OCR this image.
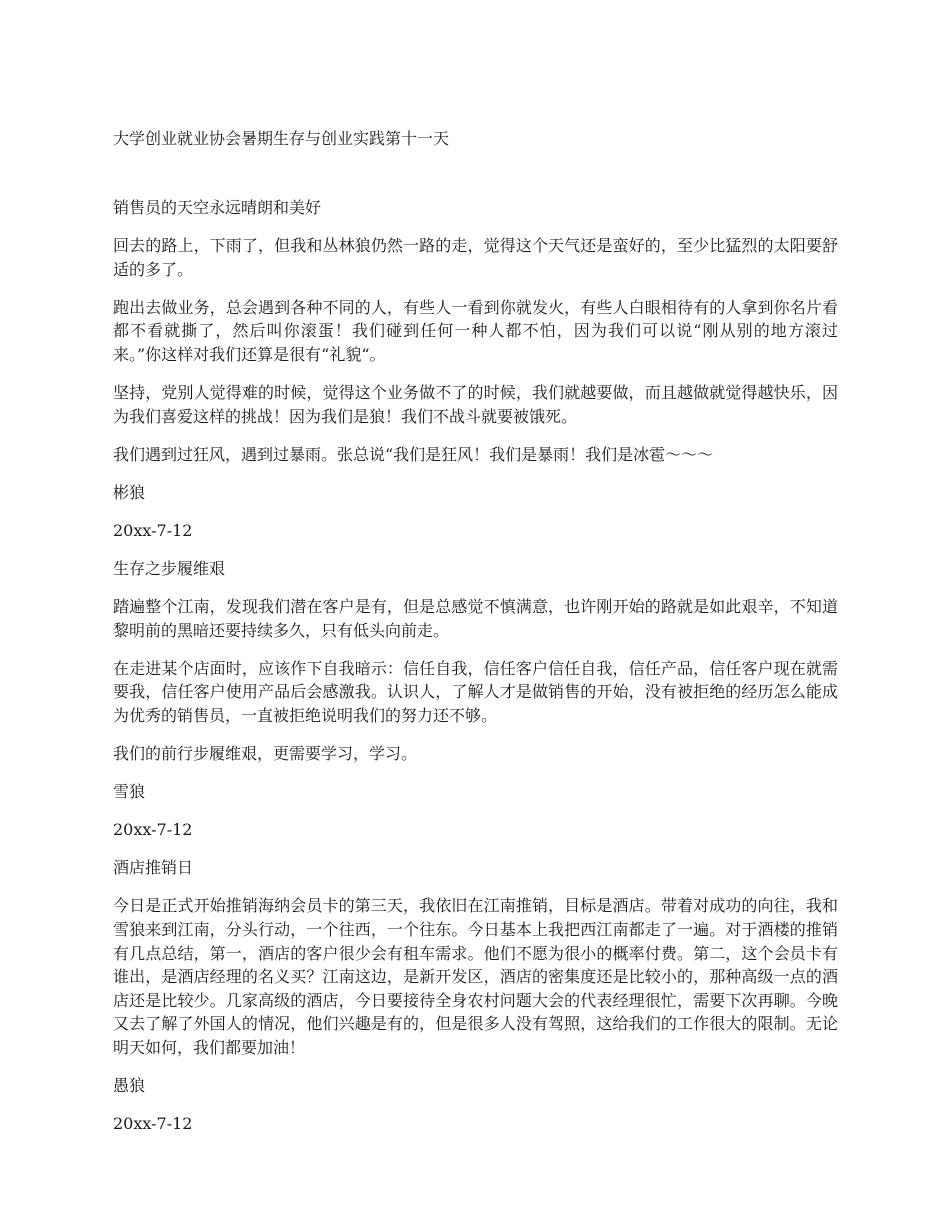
大学创业就业协会暑期生存与创业实践第十一天

销售员的天空永远晴朗和美好

回去的路上，下雨了，但我和丛林狼仍然一路的走，觉得这个天气还是蛮好的，至少比猛烈的太阳要舒适的多了。

跑出去做业务，总会遇到各种不同的人，有些人一看到你就发火，有些人白眼相待有的人拿到你名片看都不看就撕了，然后叫你滚蛋！我们碰到任何一种人都不怕，因为我们可以说“刚从别的地方滚过来。”你这样对我们还算是很有“礼貌“。

坚持，党别人觉得难的时候，觉得这个业务做不了的时候，我们就越要做，而且越做就觉得越快乐，因为我们喜爱这样的挑战！因为我们是狼！我们不战斗就要被饿死。

我们遇到过狂风，遇到过暴雨。张总说“我们是狂风！我们是暴雨！我们是冰雹～～～

彬狼

20xx-7-12

生存之步履维艰

踏遍整个江南，发现我们潜在客户是有，但是总感觉不慎满意，也许刚开始的路就是如此艰辛，不知道黎明前的黑暗还要持续多久，只有低头向前走。

在走进某个店面时，应该作下自我暗示：信任自我，信任客户信任自我，信任产品，信任客户现在就需要我，信任客户使用产品后会感激我。认识人，了解人才是做销售的开始，没有被拒绝的经历怎么能成为优秀的销售员，一直被拒绝说明我们的努力还不够。

我们的前行步履维艰，更需要学习，学习。

雪狼

20xx-7-12

酒店推销日

今日是正式开始推销海纳会员卡的第三天，我依旧在江南推销，目标是酒店。带着对成功的向往，我和雪狼来到江南，分头行动，一个往西，一个往东。今日基本上我把西江南都走了一遍。对于酒楼的推销有几点总结，第一，酒店的客户很少会有租车需求。他们不愿为很小的概率付费。第二，这个会员卡有谁出，是酒店经理的名义买？江南这边，是新开发区，酒店的密集度还是比较小的，那种高级一点的酒店还是比较少。几家高级的酒店，今日要接待全身农村问题大会的代表经理很忙，需要下次再聊。今晚又去了解了外国人的情况，他们兴趣是有的，但是很多人没有驾照，这给我们的工作很大的限制。无论明天如何，我们都要加油！

愚狼

20xx-7-12
